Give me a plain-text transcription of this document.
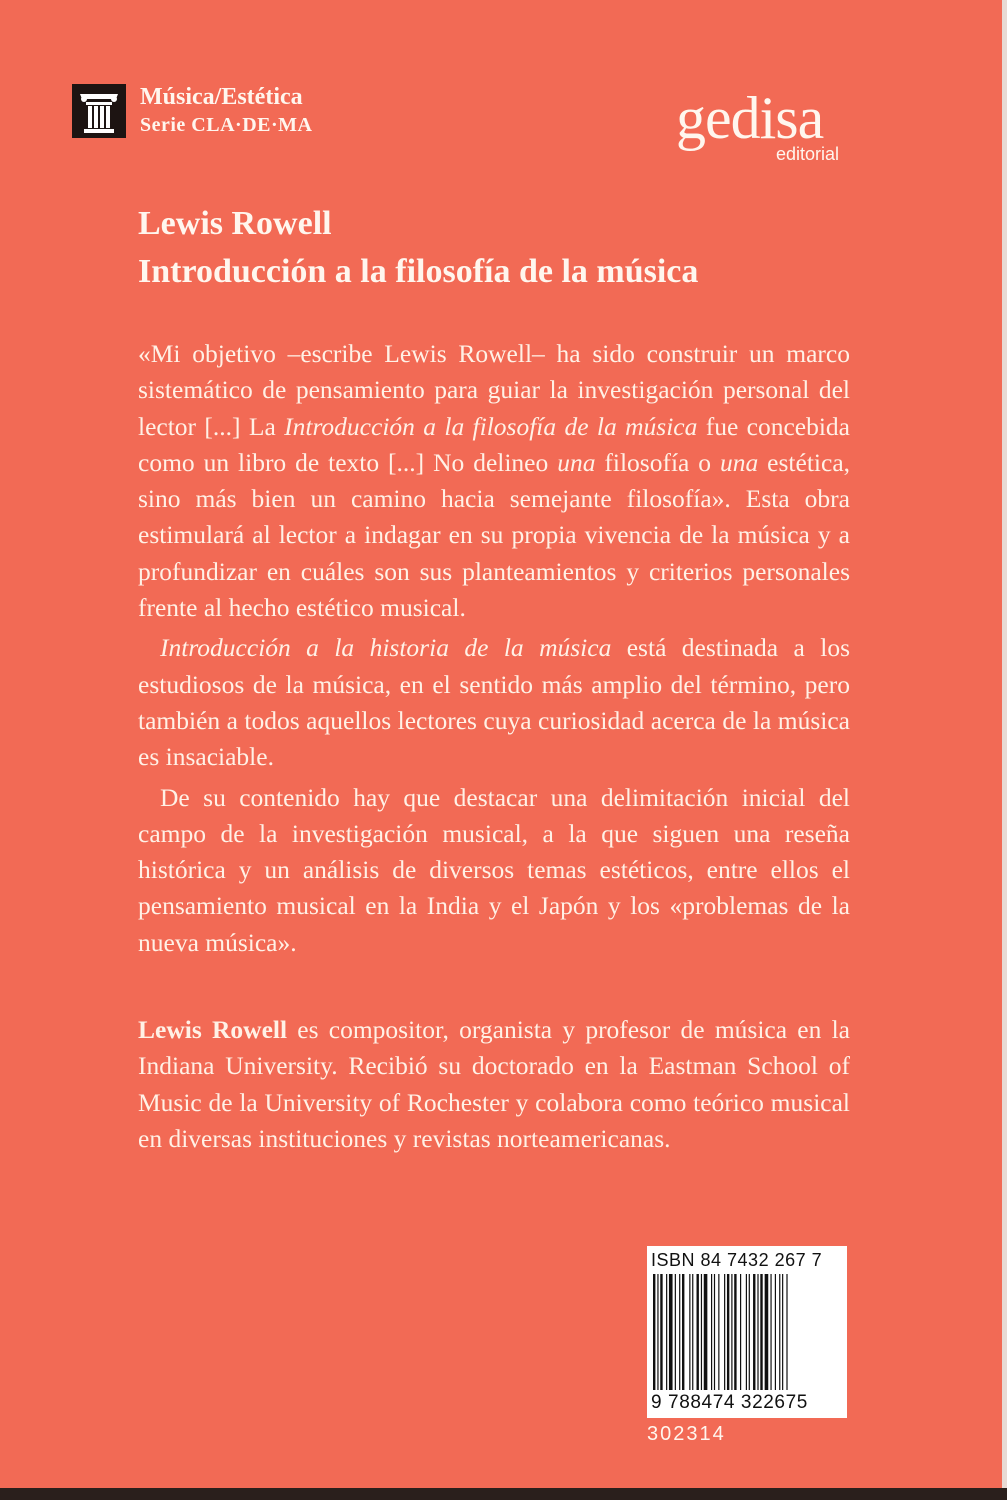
Música/Estética
Serie CLA·DE·MA	gedisa
editorial
Lewis Rowell
Introducción a la filosofía de la música

«Mi objetivo –escribe Lewis Rowell– ha sido construir un marco sistemático de pensamiento para guiar la investigación personal del lector [...] La Introducción a la filosofía de la música fue concebida como un libro de texto [...] No delineo una filosofía o una estética, sino más bien un camino hacia semejante filosofía». Esta obra estimulará al lector a indagar en su propia vivencia de la música y a profundizar en cuáles son sus planteamientos y criterios personales frente al hecho estético musical.

Introducción a la historia de la música está destinada a los estudiosos de la música, en el sentido más amplio del término, pero también a todos aquellos lectores cuya curiosidad acerca de la música es insaciable.

De su contenido hay que destacar una delimitación inicial del campo de la investigación musical, a la que siguen una reseña histórica y un análisis de diversos temas estéticos, entre ellos el pensamiento musical en la India y el Japón y los «problemas de la nueva música».

Lewis Rowell es compositor, organista y profesor de música en la Indiana University. Recibió su doctorado en la Eastman School of Music de la University of Rochester y colabora como teórico musical en diversas instituciones y revistas norteamericanas.

ISBN 84 7432 267 7
9 788474 322675
302314
